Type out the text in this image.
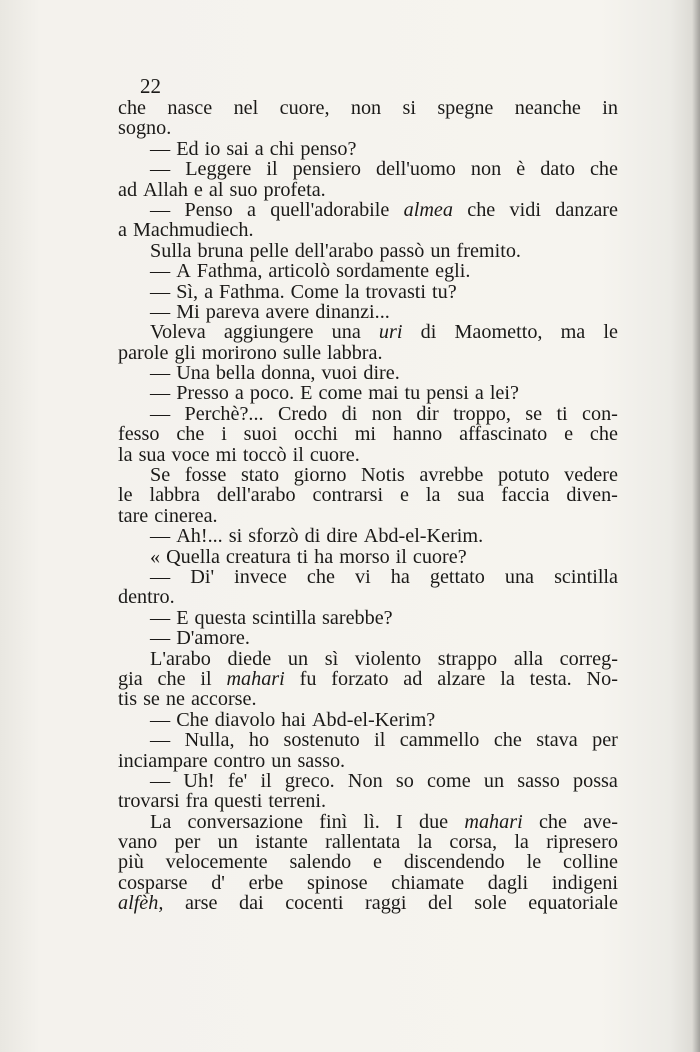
22
che nasce nel cuore, non si spegne neanche in
sogno.
— Ed io sai a chi penso?
— Leggere il pensiero dell'uomo non è dato che
ad Allah e al suo profeta.
— Penso a quell'adorabile almea che vidi danzare
a Machmudiech.
Sulla bruna pelle dell'arabo passò un fremito.
— A Fathma, articolò sordamente egli.
— Sì, a Fathma. Come la trovasti tu?
— Mi pareva avere dinanzi...
Voleva aggiungere una uri di Maometto, ma le
parole gli morirono sulle labbra.
— Una bella donna, vuoi dire.
— Presso a poco. E come mai tu pensi a lei?
— Perchè?... Credo di non dir troppo, se ti con-
fesso che i suoi occhi mi hanno affascinato e che
la sua voce mi toccò il cuore.
Se fosse stato giorno Notis avrebbe potuto vedere
le labbra dell'arabo contrarsi e la sua faccia diven-
tare cinerea.
— Ah!... si sforzò di dire Abd-el-Kerim.
« Quella creatura ti ha morso il cuore?
— Di' invece che vi ha gettato una scintilla
dentro.
— E questa scintilla sarebbe?
— D'amore.
L'arabo diede un sì violento strappo alla correg-
gia che il mahari fu forzato ad alzare la testa. No-
tis se ne accorse.
— Che diavolo hai Abd-el-Kerim?
— Nulla, ho sostenuto il cammello che stava per
inciampare contro un sasso.
— Uh! fe' il greco. Non so come un sasso possa
trovarsi fra questi terreni.
La conversazione finì lì. I due mahari che ave-
vano per un istante rallentata la corsa, la ripresero
più velocemente salendo e discendendo le colline
cosparse d' erbe spinose chiamate dagli indigeni
alfèh, arse dai cocenti raggi del sole equatoriale
